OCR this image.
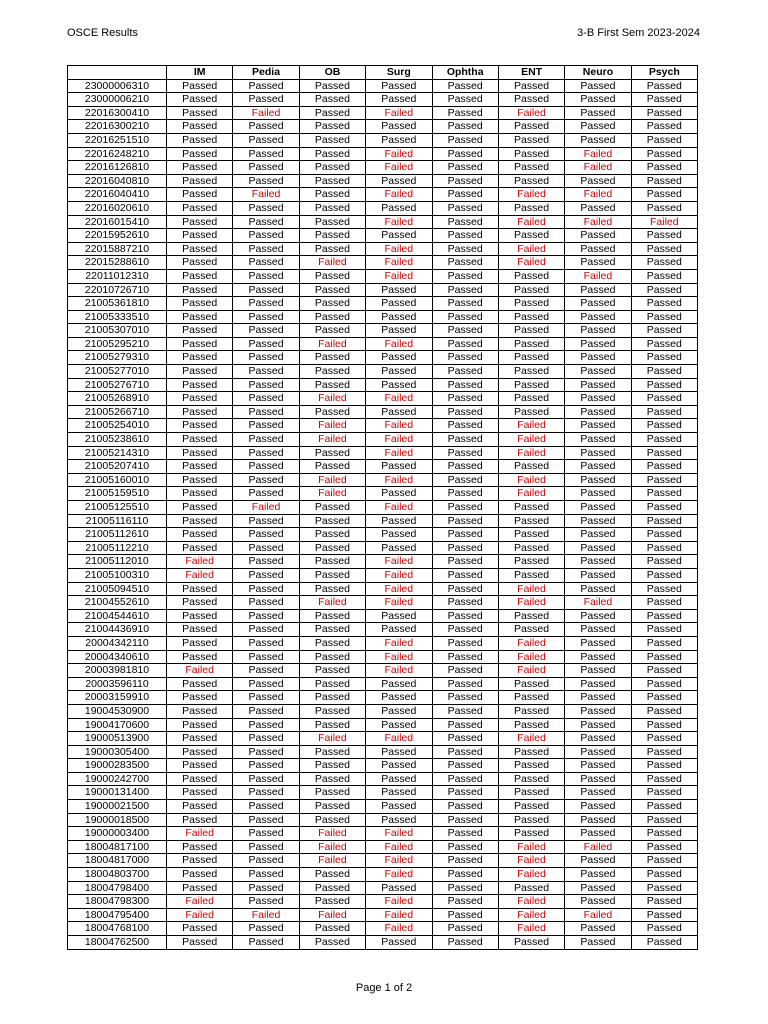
OSCE Results	3-B First Sem 2023-2024
	IM	Pedia	OB	Surg	Ophtha	ENT	Neuro	Psych
23000006310	Passed	Passed	Passed	Passed	Passed	Passed	Passed	Passed
23000006210	Passed	Passed	Passed	Passed	Passed	Passed	Passed	Passed
22016300410	Passed	Failed	Passed	Failed	Passed	Failed	Passed	Passed
22016300210	Passed	Passed	Passed	Passed	Passed	Passed	Passed	Passed
22016251510	Passed	Passed	Passed	Passed	Passed	Passed	Passed	Passed
22016248210	Passed	Passed	Passed	Failed	Passed	Passed	Failed	Passed
22016126810	Passed	Passed	Passed	Failed	Passed	Passed	Failed	Passed
22016040810	Passed	Passed	Passed	Passed	Passed	Passed	Passed	Passed
22016040410	Passed	Failed	Passed	Failed	Passed	Failed	Failed	Passed
22016020610	Passed	Passed	Passed	Passed	Passed	Passed	Passed	Passed
22016015410	Passed	Passed	Passed	Failed	Passed	Failed	Failed	Failed
22015952610	Passed	Passed	Passed	Passed	Passed	Passed	Passed	Passed
22015887210	Passed	Passed	Passed	Failed	Passed	Failed	Passed	Passed
22015288610	Passed	Passed	Failed	Failed	Passed	Failed	Passed	Passed
22011012310	Passed	Passed	Passed	Failed	Passed	Passed	Failed	Passed
22010726710	Passed	Passed	Passed	Passed	Passed	Passed	Passed	Passed
21005361810	Passed	Passed	Passed	Passed	Passed	Passed	Passed	Passed
21005333510	Passed	Passed	Passed	Passed	Passed	Passed	Passed	Passed
21005307010	Passed	Passed	Passed	Passed	Passed	Passed	Passed	Passed
21005295210	Passed	Passed	Failed	Failed	Passed	Passed	Passed	Passed
21005279310	Passed	Passed	Passed	Passed	Passed	Passed	Passed	Passed
21005277010	Passed	Passed	Passed	Passed	Passed	Passed	Passed	Passed
21005276710	Passed	Passed	Passed	Passed	Passed	Passed	Passed	Passed
21005268910	Passed	Passed	Failed	Failed	Passed	Passed	Passed	Passed
21005266710	Passed	Passed	Passed	Passed	Passed	Passed	Passed	Passed
21005254010	Passed	Passed	Failed	Failed	Passed	Failed	Passed	Passed
21005238610	Passed	Passed	Failed	Failed	Passed	Failed	Passed	Passed
21005214310	Passed	Passed	Passed	Failed	Passed	Failed	Passed	Passed
21005207410	Passed	Passed	Passed	Passed	Passed	Passed	Passed	Passed
21005160010	Passed	Passed	Failed	Failed	Passed	Failed	Passed	Passed
21005159510	Passed	Passed	Failed	Passed	Passed	Failed	Passed	Passed
21005125510	Passed	Failed	Passed	Failed	Passed	Passed	Passed	Passed
21005116110	Passed	Passed	Passed	Passed	Passed	Passed	Passed	Passed
21005112610	Passed	Passed	Passed	Passed	Passed	Passed	Passed	Passed
21005112210	Passed	Passed	Passed	Passed	Passed	Passed	Passed	Passed
21005112010	Failed	Passed	Passed	Failed	Passed	Passed	Passed	Passed
21005100310	Failed	Passed	Passed	Failed	Passed	Passed	Passed	Passed
21005094510	Passed	Passed	Passed	Failed	Passed	Failed	Passed	Passed
21004552610	Passed	Passed	Failed	Failed	Passed	Failed	Failed	Passed
21004544610	Passed	Passed	Passed	Passed	Passed	Passed	Passed	Passed
21004436910	Passed	Passed	Passed	Passed	Passed	Passed	Passed	Passed
20004342110	Passed	Passed	Passed	Failed	Passed	Failed	Passed	Passed
20004340610	Passed	Passed	Passed	Failed	Passed	Failed	Passed	Passed
20003981810	Failed	Passed	Passed	Failed	Passed	Failed	Passed	Passed
20003596110	Passed	Passed	Passed	Passed	Passed	Passed	Passed	Passed
20003159910	Passed	Passed	Passed	Passed	Passed	Passed	Passed	Passed
19004530900	Passed	Passed	Passed	Passed	Passed	Passed	Passed	Passed
19004170600	Passed	Passed	Passed	Passed	Passed	Passed	Passed	Passed
19000513900	Passed	Passed	Failed	Failed	Passed	Failed	Passed	Passed
19000305400	Passed	Passed	Passed	Passed	Passed	Passed	Passed	Passed
19000283500	Passed	Passed	Passed	Passed	Passed	Passed	Passed	Passed
19000242700	Passed	Passed	Passed	Passed	Passed	Passed	Passed	Passed
19000131400	Passed	Passed	Passed	Passed	Passed	Passed	Passed	Passed
19000021500	Passed	Passed	Passed	Passed	Passed	Passed	Passed	Passed
19000018500	Passed	Passed	Passed	Passed	Passed	Passed	Passed	Passed
19000003400	Failed	Passed	Failed	Failed	Passed	Passed	Passed	Passed
18004817100	Passed	Passed	Failed	Failed	Passed	Failed	Failed	Passed
18004817000	Passed	Passed	Failed	Failed	Passed	Failed	Passed	Passed
18004803700	Passed	Passed	Passed	Failed	Passed	Failed	Passed	Passed
18004798400	Passed	Passed	Passed	Passed	Passed	Passed	Passed	Passed
18004798300	Failed	Passed	Passed	Failed	Passed	Failed	Passed	Passed
18004795400	Failed	Failed	Failed	Failed	Passed	Failed	Failed	Passed
18004768100	Passed	Passed	Passed	Failed	Passed	Failed	Passed	Passed
18004762500	Passed	Passed	Passed	Passed	Passed	Passed	Passed	Passed
Page 1 of 2
